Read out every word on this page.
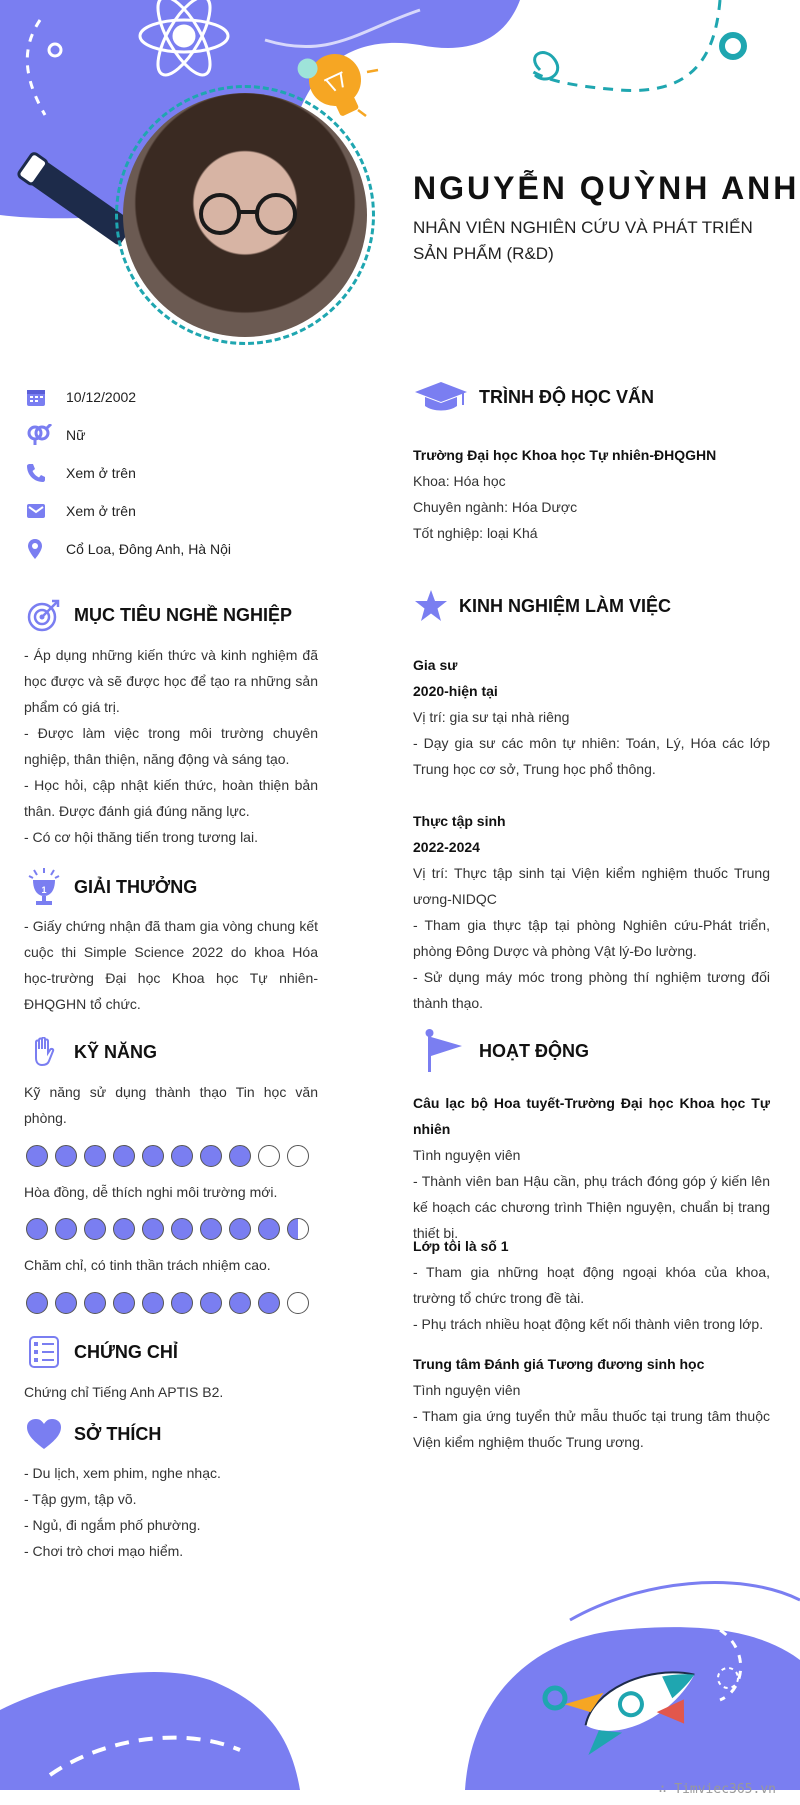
NGUYỄN QUỲNH ANH
NHÂN VIÊN NGHIÊN CỨU VÀ PHÁT TRIỂN SẢN PHẨM (R&D)
10/12/2002
Nữ
Xem ở trên
Xem ở trên
Cổ Loa, Đông Anh, Hà Nội
MỤC TIÊU NGHỀ NGHIỆP

- Áp dụng những kiến thức và kinh nghiệm đã học được và sẽ được học để tạo ra những sản phẩm có giá trị.

- Được làm việc trong môi trường chuyên nghiệp, thân thiện, năng động và sáng tạo.

- Học hỏi, cập nhật kiến thức, hoàn thiện bản thân. Được đánh giá đúng năng lực.

- Có cơ hội thăng tiến trong tương lai.

1 GIẢI THƯỞNG
- Giấy chứng nhận đã tham gia vòng chung kết cuộc thi Simple Science 2022 do khoa Hóa học-trường Đại học Khoa học Tự nhiên-ĐHQGHN tổ chức.
KỸ NĂNG
Kỹ năng sử dụng thành thạo Tin học văn phòng.
Hòa đồng, dễ thích nghi môi trường mới.
Chăm chỉ, có tinh thần trách nhiệm cao.
CHỨNG CHỈ
Chứng chỉ Tiếng Anh APTIS B2.
SỞ THÍCH

- Du lịch, xem phim, nghe nhạc.

- Tập gym, tập võ.

- Ngủ, đi ngắm phố phường.

- Chơi trò chơi mạo hiểm.

TRÌNH ĐỘ HỌC VẤN
Trường Đại học Khoa học Tự nhiên-ĐHQGHN
Khoa: Hóa học
Chuyên ngành: Hóa Dược
Tốt nghiệp: loại Khá
KINH NGHIỆM LÀM VIỆC
Gia sư
2020-hiện tại
Vị trí: gia sư tại nhà riêng
- Dạy gia sư các môn tự nhiên: Toán, Lý, Hóa các lớp Trung học cơ sở, Trung học phổ thông.
Thực tập sinh
2022-2024
Vị trí: Thực tập sinh tại Viện kiểm nghiệm thuốc Trung ương-NIDQC
- Tham gia thực tập tại phòng Nghiên cứu-Phát triển, phòng Đông Dược và phòng Vật lý-Đo lường.
- Sử dụng máy móc trong phòng thí nghiệm tương đối thành thạo.
HOẠT ĐỘNG
Câu lạc bộ Hoa tuyết-Trường Đại học Khoa học Tự nhiên
Tình nguyện viên
- Thành viên ban Hậu cần, phụ trách đóng góp ý kiến lên kế hoạch các chương trình Thiện nguyện, chuẩn bị trang thiết bị.
Lớp tôi là số 1
- Tham gia những hoạt động ngoại khóa của khoa, trường tổ chức trong đề tài.
- Phụ trách nhiều hoạt động kết nối thành viên trong lớp.
Trung tâm Đánh giá Tương đương sinh học
Tình nguyện viên
- Tham gia ứng tuyển thử mẫu thuốc tại trung tâm thuộc Viện kiểm nghiệm thuốc Trung ương.
∴ Timviec365.vn
